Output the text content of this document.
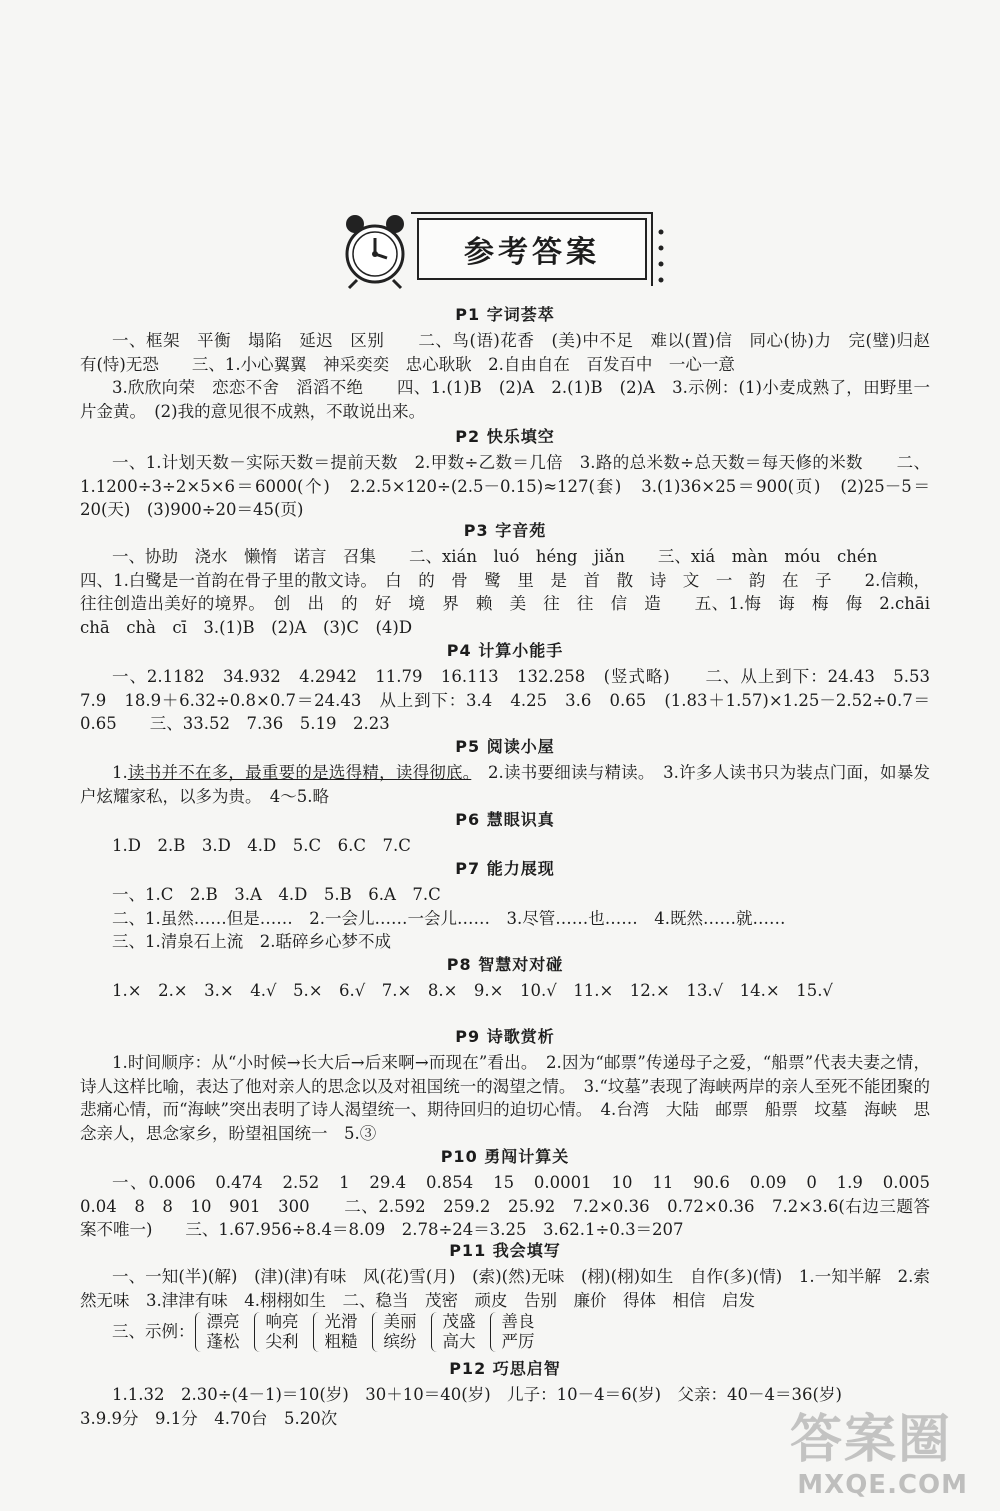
参考答案
P1 字词荟萃

一、框架　平衡　塌陷　延迟　区别　　二、鸟(语)花香　(美)中不足　难以(置)信　同心(协)力　完(璧)归赵　有(恃)无恐　　三、1.小心翼翼　神采奕奕　忠心耿耿　2.自由自在　百发百中　一心一意

3.欣欣向荣　恋恋不舍　滔滔不绝　　四、1.(1)B　(2)A　2.(1)B　(2)A　3.示例：(1)小麦成熟了，田野里一片金黄。　(2)我的意见很不成熟，不敢说出来。

P2 快乐填空

一、1.计划天数－实际天数＝提前天数　2.甲数÷乙数＝几倍　3.路的总米数÷总天数＝每天修的米数　　二、1.1200÷3÷2×5×6＝6000(个)　2.2.5×120÷(2.5－0.15)≈127(套)　3.(1)36×25＝900(页)　(2)25－5＝20(天)　(3)900÷20＝45(页)

P3 字音苑

一、协助　浇水　懒惰　诺言　召集　　二、xián　luó　héng　jiǎn　　三、xiá　màn　móu　chén

四、1.白鹭是一首韵在骨子里的散文诗。　白　的　骨　鹭　里　是　首　散　诗　文　一　韵　在　子　　2.信赖，往往创造出美好的境界。　创　出　的　好　境　界　赖　美　往　往　信　造　　五、1.悔　诲　梅　侮　2.chāi　chā　chà　cī　3.(1)B　(2)A　(3)C　(4)D

P4 计算小能手

一、2.1182　34.932　4.2942　11.79　16.113　132.258　(竖式略)　　二、从上到下：24.43　5.53　7.9　18.9＋6.32÷0.8×0.7＝24.43　从上到下：3.4　4.25　3.6　0.65　(1.83＋1.57)×1.25－2.52÷0.7＝0.65　　三、33.52　7.36　5.19　2.23

P5 阅读小屋

1.读书并不在多，最重要的是选得精，读得彻底。　2.读书要细读与精读。　3.许多人读书只为装点门面，如暴发户炫耀家私，以多为贵。　4～5.略

P6 慧眼识真

1.D　2.B　3.D　4.D　5.C　6.C　7.C

P7 能力展现

一、1.C　2.B　3.A　4.D　5.B　6.A　7.C

二、1.虽然……但是……　2.一会儿……一会儿……　3.尽管……也……　4.既然……就……

三、1.清泉石上流　2.聒碎乡心梦不成

P8 智慧对对碰

1.×　2.×　3.×　4.√　5.×　6.√　7.×　8.×　9.×　10.√　11.×　12.×　13.√　14.×　15.√

P9 诗歌赏析

1.时间顺序：从“小时候→长大后→后来啊→而现在”看出。　2.因为“邮票”传递母子之爱，“船票”代表夫妻之情，诗人这样比喻，表达了他对亲人的思念以及对祖国统一的渴望之情。　3.“坟墓”表现了海峡两岸的亲人至死不能团聚的悲痛心情，而“海峡”突出表明了诗人渴望统一、期待回归的迫切心情。　4.台湾　大陆　邮票　船票　坟墓　海峡　思念亲人，思念家乡，盼望祖国统一　5.③

P10 勇闯计算关

一、0.006　0.474　2.52　1　29.4　0.854　15　0.0001　10　11　90.6　0.09　0　1.9　0.005　0.04　8　8　10　901　300　　二、2.592　259.2　25.92　7.2×0.36　0.72×0.36　7.2×3.6(右边三题答案不唯一)　　三、1.67.956÷8.4＝8.09　2.78÷24＝3.25　3.62.1÷0.3＝207

P11 我会填写

一、一知(半)(解)　(津)(津)有味　风(花)雪(月)　(索)(然)无味　(栩)(栩)如生　自作(多)(情)　1.一知半解　2.索然无味　3.津津有味　4.栩栩如生　二、稳当　茂密　顽皮　告别　廉价　得体　相信　启发

三、示例：
漂亮
蓬松
响亮
尖利
光滑
粗糙
美丽
缤纷
茂盛
高大
善良
严厉
P12 巧思启智

1.1.32　2.30÷(4－1)＝10(岁)　30＋10＝40(岁)　儿子：10－4＝6(岁)　父亲：40－4＝36(岁)

3.9.9分　9.1分　4.70台　5.20次	答案圈
MXQE.COM
